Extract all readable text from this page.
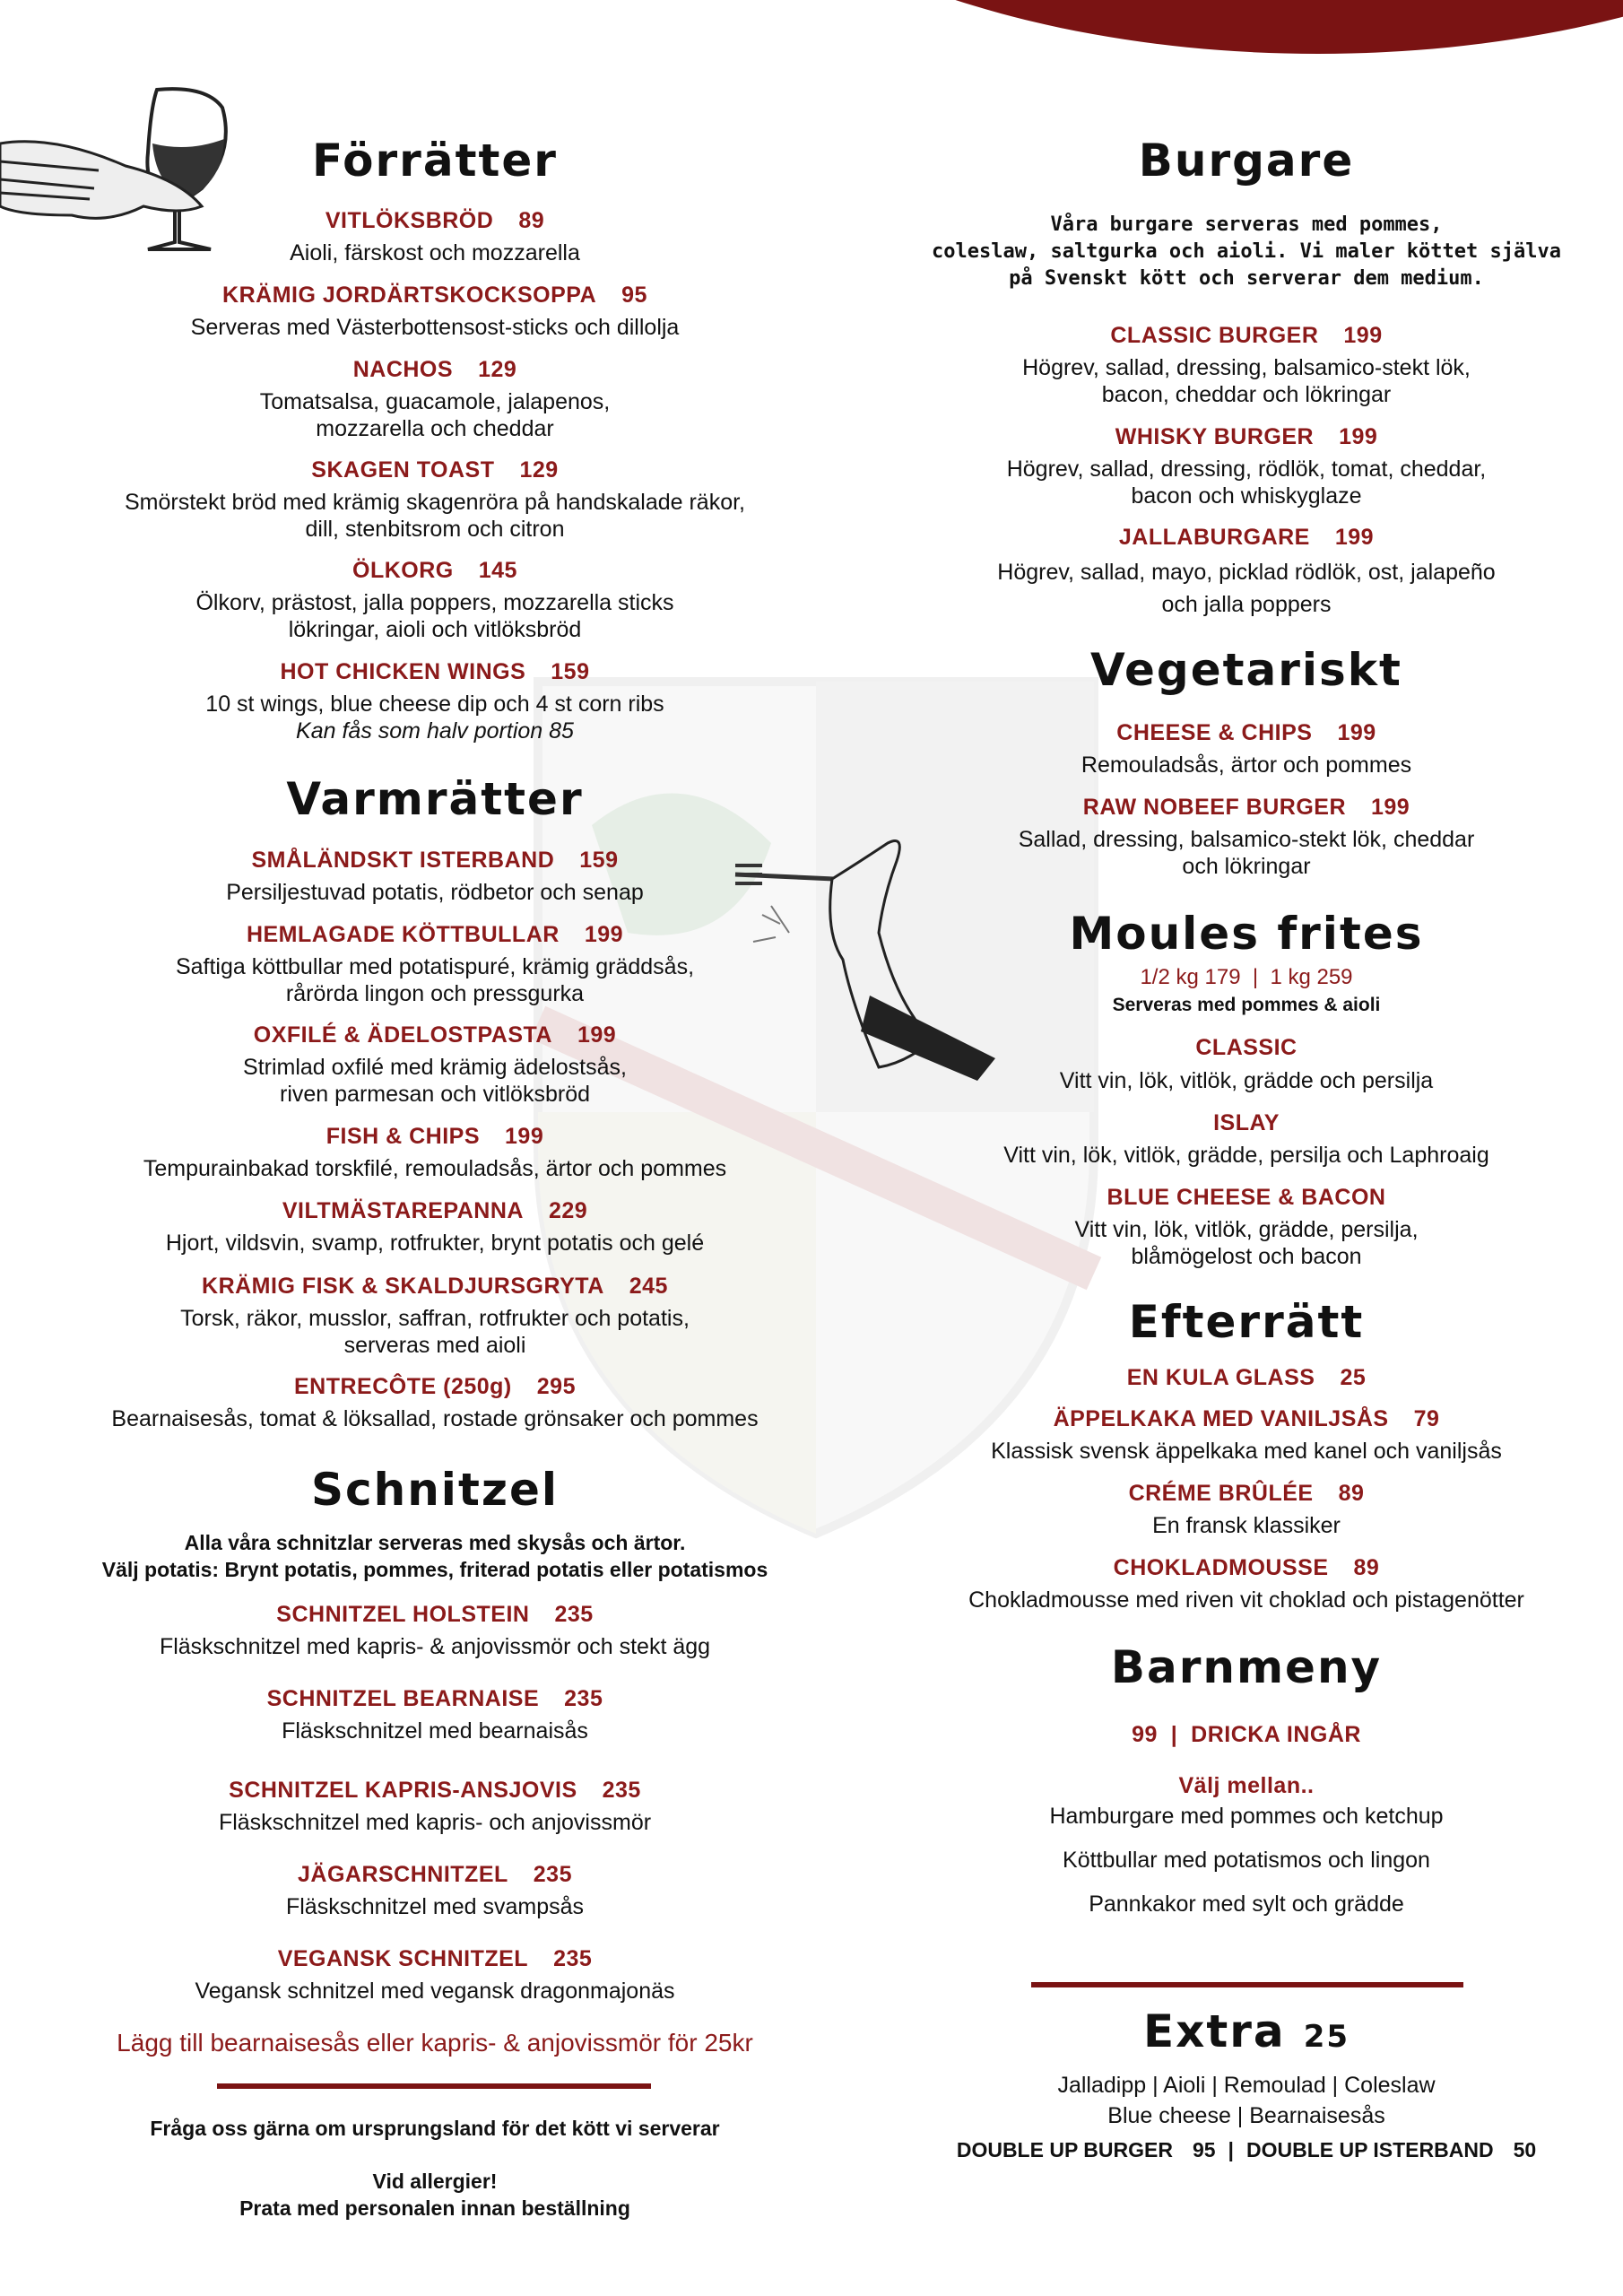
Förrätter
VITLÖKSBRÖD 89
Aioli, färskost och mozzarella
KRÄMIG JORDÄRTSKOCKSOPPA 95
Serveras med Västerbottensost-sticks och dillolja
NACHOS 129
Tomatsalsa, guacamole, jalapenos,
mozzarella och cheddar
SKAGEN TOAST 129
Smörstekt bröd med krämig skagenröra på handskalade räkor,
dill, stenbitsrom och citron
ÖLKORG 145
Ölkorv, prästost, jalla poppers, mozzarella sticks
lökringar, aioli och vitlöksbröd
HOT CHICKEN WINGS 159
10 st wings, blue cheese dip och 4 st corn ribs
Kan fås som halv portion 85
Varmrätter
SMÅLÄNDSKT ISTERBAND 159
Persiljestuvad potatis, rödbetor och senap
HEMLAGADE KÖTTBULLAR 199
Saftiga köttbullar med potatispuré, krämig gräddsås,
rårörda lingon och pressgurka
OXFILÉ & ÄDELOSTPASTA 199
Strimlad oxfilé med krämig ädelostsås,
riven parmesan och vitlöksbröd
FISH & CHIPS 199
Tempurainbakad torskfilé, remouladsås, ärtor och pommes
VILTMÄSTAREPANNA 229
Hjort, vildsvin, svamp, rotfrukter, brynt potatis och gelé
KRÄMIG FISK & SKALDJURSGRYTA 245
Torsk, räkor, musslor, saffran, rotfrukter och potatis,
serveras med aioli
ENTRECÔTE (250g) 295
Bearnaisesås, tomat & löksallad, rostade grönsaker och pommes
Schnitzel
Alla våra schnitzlar serveras med skysås och ärtor.
Välj potatis: Brynt potatis, pommes, friterad potatis eller potatismos
SCHNITZEL HOLSTEIN 235
Fläskschnitzel med kapris- & anjovissmör och stekt ägg
SCHNITZEL BEARNAISE 235
Fläskschnitzel med bearnaisås
SCHNITZEL KAPRIS-ANSJOVIS 235
Fläskschnitzel med kapris- och anjovissmör
JÄGARSCHNITZEL 235
Fläskschnitzel med svampsås
VEGANSK SCHNITZEL 235
Vegansk schnitzel med vegansk dragonmajonäs
Lägg till bearnaisesås eller kapris- & anjovissmör för 25kr
Fråga oss gärna om ursprungsland för det kött vi serverar
Vid allergier!
Prata med personalen innan beställning
Burgare
Våra burgare serveras med pommes,
coleslaw, saltgurka och aioli. Vi maler köttet själva
på Svenskt kött och serverar dem medium.
CLASSIC BURGER 199
Högrev, sallad, dressing, balsamico-stekt lök,
bacon, cheddar och lökringar
WHISKY BURGER 199
Högrev, sallad, dressing, rödlök, tomat, cheddar,
bacon och whiskyglaze
JALLABURGARE 199
Högrev, sallad, mayo, picklad rödlök, ost, jalapeño
och jalla poppers
Vegetariskt
CHEESE & CHIPS 199
Remouladsås, ärtor och pommes
RAW NOBEEF BURGER 199
Sallad, dressing, balsamico-stekt lök, cheddar
och lökringar
Moules frites
1/2 kg 179  |  1 kg 259
Serveras med pommes & aioli
CLASSIC
Vitt vin, lök, vitlök, grädde och persilja
ISLAY
Vitt vin, lök, vitlök, grädde, persilja och Laphroaig
BLUE CHEESE & BACON
Vitt vin, lök, vitlök, grädde, persilja,
blåmögelost och bacon
Efterrätt
EN KULA GLASS 25
ÄPPELKAKA MED VANILJSÅS 79
Klassisk svensk äppelkaka med kanel och vaniljsås
CRÉME BRÛLÉE 89
En fransk klassiker
CHOKLADMOUSSE 89
Chokladmousse med riven vit choklad och pistagenötter
Barnmeny
99  |  DRICKA INGÅR
Välj mellan..
Hamburgare med pommes och ketchup
Köttbullar med potatismos och lingon
Pannkakor med sylt och grädde
Extra 25
Jalladipp | Aioli | Remoulad | Coleslaw
Blue cheese | Bearnaisesås
DOUBLE UP BURGER 95 | DOUBLE UP ISTERBAND 50
